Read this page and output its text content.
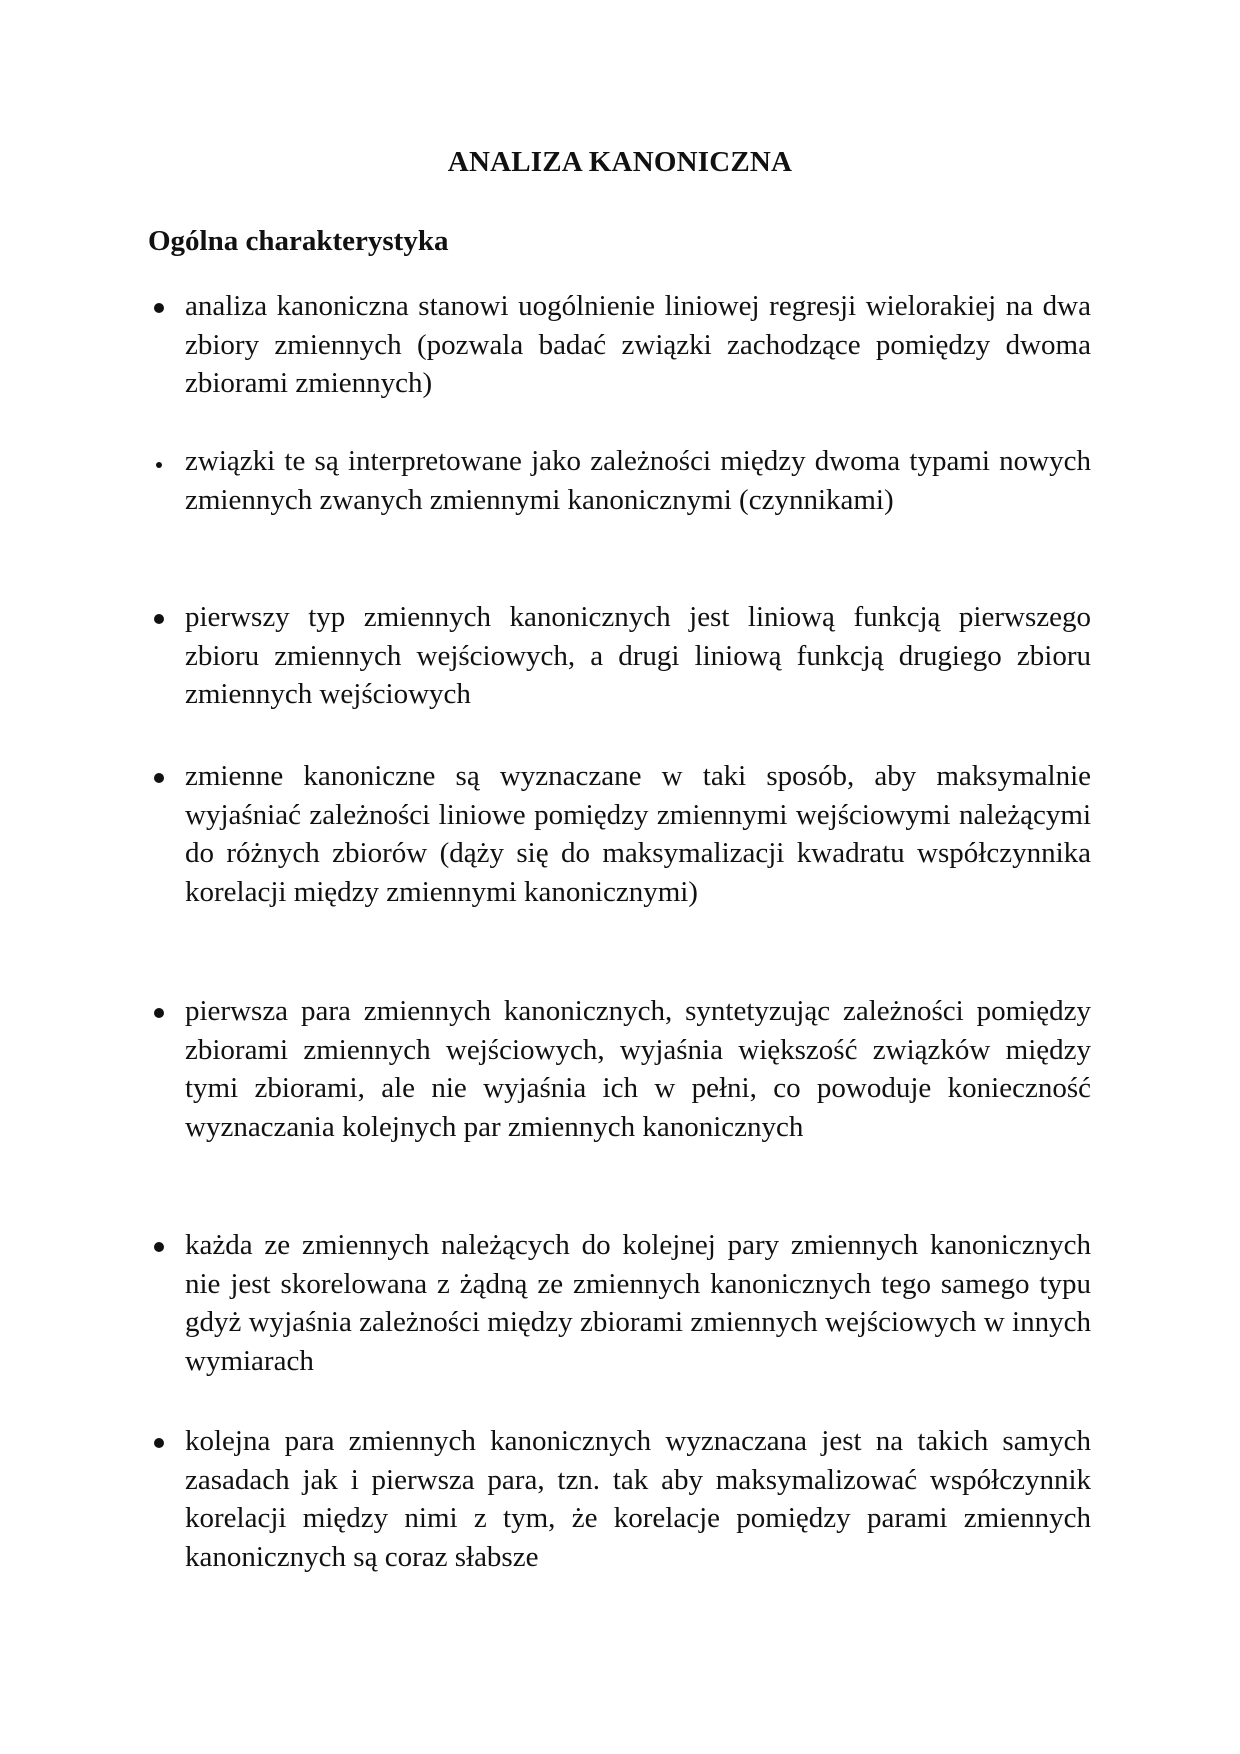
ANALIZA KANONICZNA
Ogólna charakterystyka

analiza kanoniczna stanowi uogólnienie liniowej regresji wielorakiej na dwa zbiory zmiennych (pozwala badać związki zachodzące pomiędzy dwoma zbiorami zmiennych)

związki te są interpretowane jako zależności między dwoma typami nowych zmiennych zwanych zmiennymi kanonicznymi (czynnikami)

pierwszy typ zmiennych kanonicznych jest liniową funkcją pierwszego zbioru zmiennych wejściowych, a drugi liniową funkcją drugiego zbioru zmiennych wejściowych

zmienne kanoniczne są wyznaczane w taki sposób, aby maksymalnie wyjaśniać zależności liniowe pomiędzy zmiennymi wejściowymi należącymi do różnych zbiorów (dąży się do maksymalizacji kwadratu współczynnika korelacji między zmiennymi kanonicznymi)

pierwsza para zmiennych kanonicznych, syntetyzując zależności pomiędzy zbiorami zmiennych wejściowych, wyjaśnia większość związków między tymi zbiorami, ale nie wyjaśnia ich w pełni, co powoduje konieczność wyznaczania kolejnych par zmiennych kanonicznych

każda ze zmiennych należących do kolejnej pary zmiennych kanonicznych nie jest skorelowana z żądną ze zmiennych kanonicznych tego samego typu gdyż wyjaśnia zależności między zbiorami zmiennych wejściowych w innych wymiarach

kolejna para zmiennych kanonicznych wyznaczana jest na takich samych zasadach jak i pierwsza para, tzn. tak aby maksymalizować współczynnik korelacji między nimi z tym, że korelacje pomiędzy parami zmiennych kanonicznych są coraz słabsze
